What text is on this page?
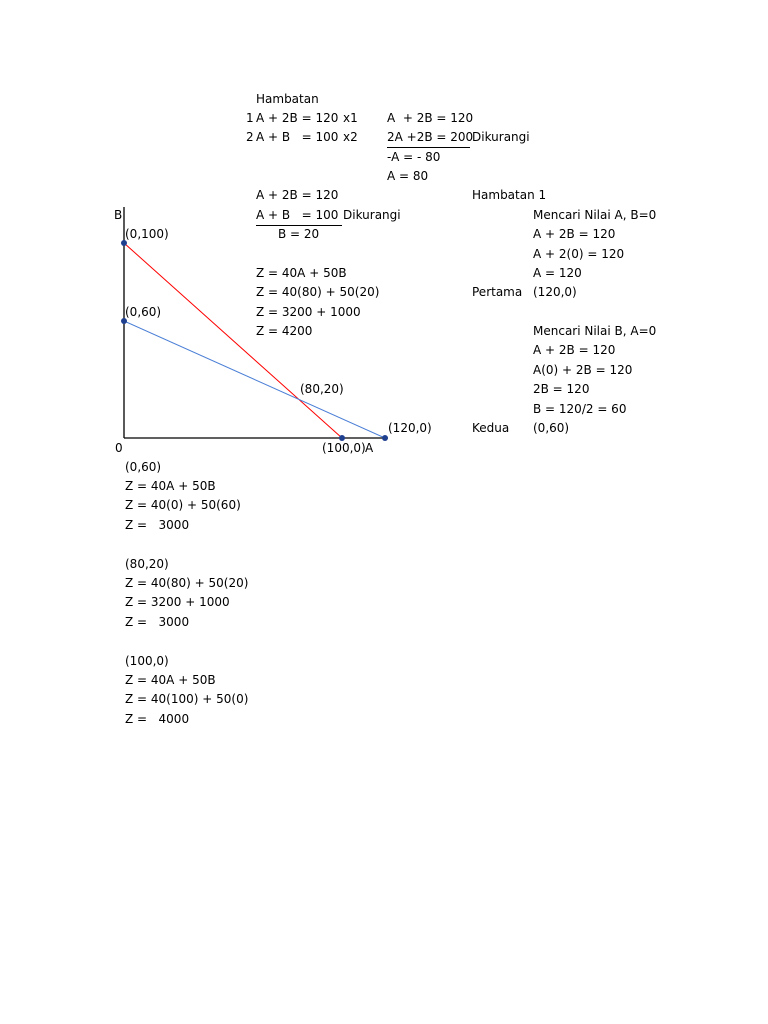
Hambatan
1 A + 2B = 120 x1
2 A + B   = 100 x2
A  + 2B = 120
2A +2B = 200
Dikurangi
-A = - 80
A = 80
A + 2B = 120
A + B   = 100 Dikurangi
B = 20
Z = 40A + 50B
Z = 40(80) + 50(20)
Z = 3200 + 1000
Z = 4200
Hambatan 1
Mencari Nilai A, B=0
A + 2B = 120
A + 2(0) = 120
A = 120
Pertama (120,0)
Mencari Nilai B, A=0
A + 2B = 120
A(0) + 2B = 120
2B = 120
B = 120/2 = 60
Kedua (0,60)
B
0
(0,100)
(0,60)
(80,20)
(120,0)
(100,0) A
(0,60)
Z = 40A + 50B
Z = 40(0) + 50(60)
Z =   3000
(80,20)
Z = 40(80) + 50(20)
Z = 3200 + 1000
Z =   3000
(100,0)
Z = 40A + 50B
Z = 40(100) + 50(0)
Z =   4000
